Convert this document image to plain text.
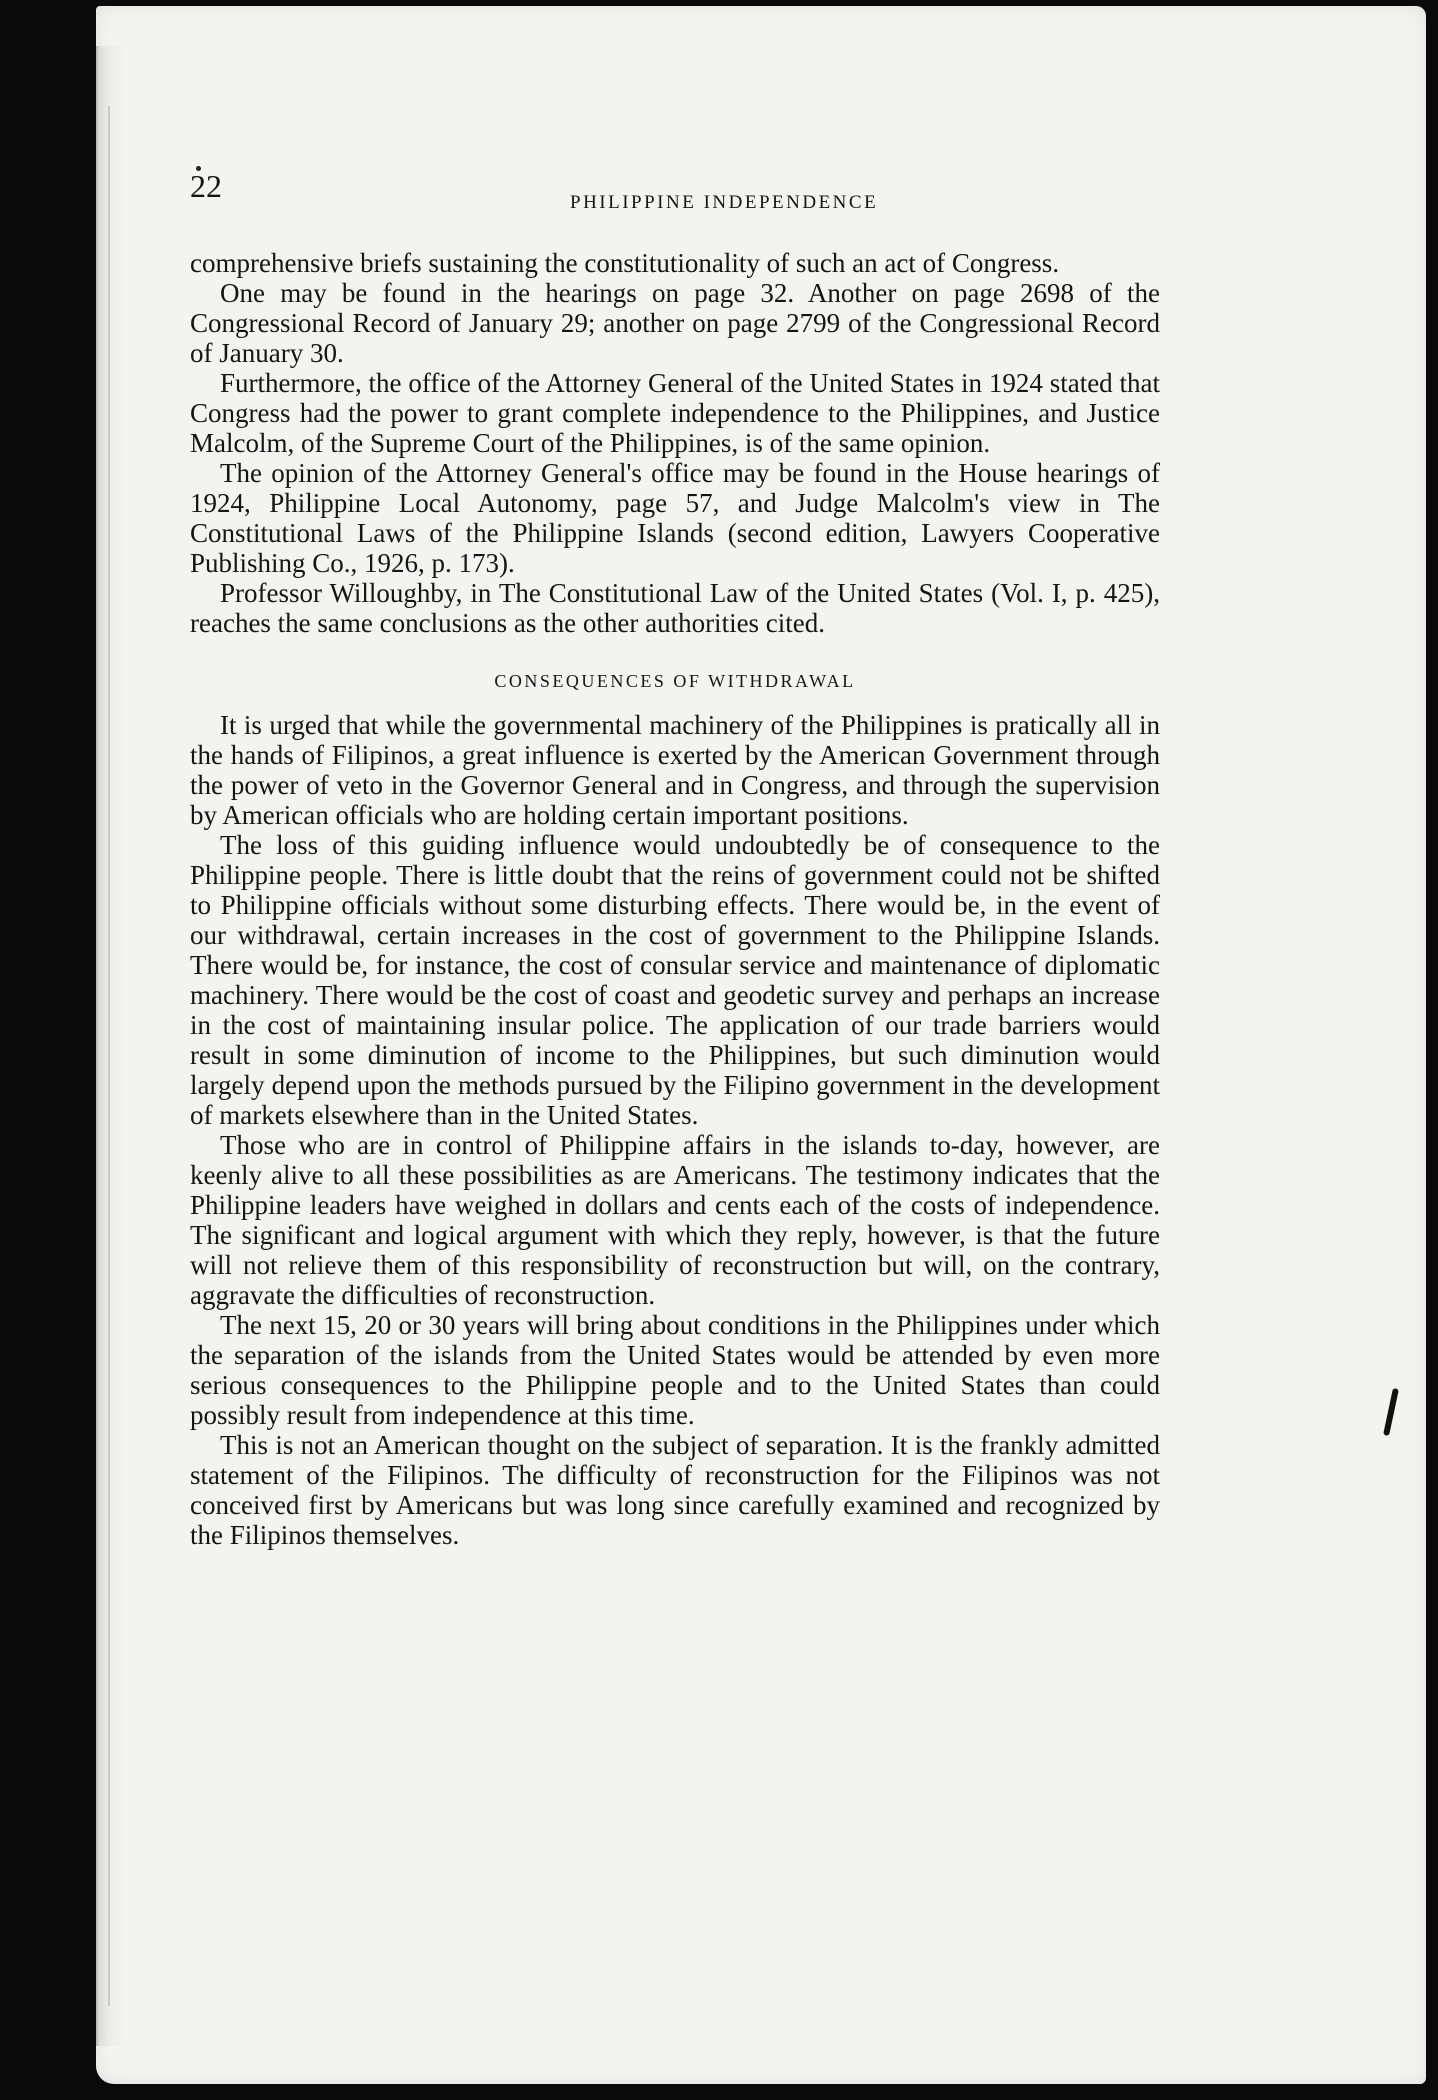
22	PHILIPPINE INDEPENDENCE

comprehensive briefs sustaining the constitutionality of such an act of Congress.

One may be found in the hearings on page 32. Another on page 2698 of the Congressional Record of January 29; another on page 2799 of the Congressional Record of January 30.

Furthermore, the office of the Attorney General of the United States in 1924 stated that Congress had the power to grant complete independence to the Philippines, and Justice Malcolm, of the Supreme Court of the Philippines, is of the same opinion.

The opinion of the Attorney General's office may be found in the House hearings of 1924, Philippine Local Autonomy, page 57, and Judge Malcolm's view in The Constitutional Laws of the Philippine Islands (second edition, Lawyers Cooperative Publishing Co., 1926, p. 173).

Professor Willoughby, in The Constitutional Law of the United States (Vol. I, p. 425), reaches the same conclusions as the other authorities cited.

CONSEQUENCES OF WITHDRAWAL

It is urged that while the governmental machinery of the Philippines is pratically all in the hands of Filipinos, a great influence is exerted by the American Government through the power of veto in the Governor General and in Congress, and through the supervision by American officials who are holding certain important positions.

The loss of this guiding influence would undoubtedly be of consequence to the Philippine people. There is little doubt that the reins of government could not be shifted to Philippine officials without some disturbing effects. There would be, in the event of our withdrawal, certain increases in the cost of government to the Philippine Islands. There would be, for instance, the cost of consular service and maintenance of diplomatic machinery. There would be the cost of coast and geodetic survey and perhaps an increase in the cost of maintaining insular police. The application of our trade barriers would result in some diminution of income to the Philippines, but such diminution would largely depend upon the methods pursued by the Filipino government in the development of markets elsewhere than in the United States.

Those who are in control of Philippine affairs in the islands to-day, however, are keenly alive to all these possibilities as are Americans. The testimony indicates that the Philippine leaders have weighed in dollars and cents each of the costs of independence. The significant and logical argument with which they reply, however, is that the future will not relieve them of this responsibility of reconstruction but will, on the contrary, aggravate the difficulties of reconstruction.

The next 15, 20 or 30 years will bring about conditions in the Philippines under which the separation of the islands from the United States would be attended by even more serious consequences to the Philippine people and to the United States than could possibly result from independence at this time.

This is not an American thought on the subject of separation. It is the frankly admitted statement of the Filipinos. The difficulty of reconstruction for the Filipinos was not conceived first by Americans but was long since carefully examined and recognized by the Filipinos themselves.
